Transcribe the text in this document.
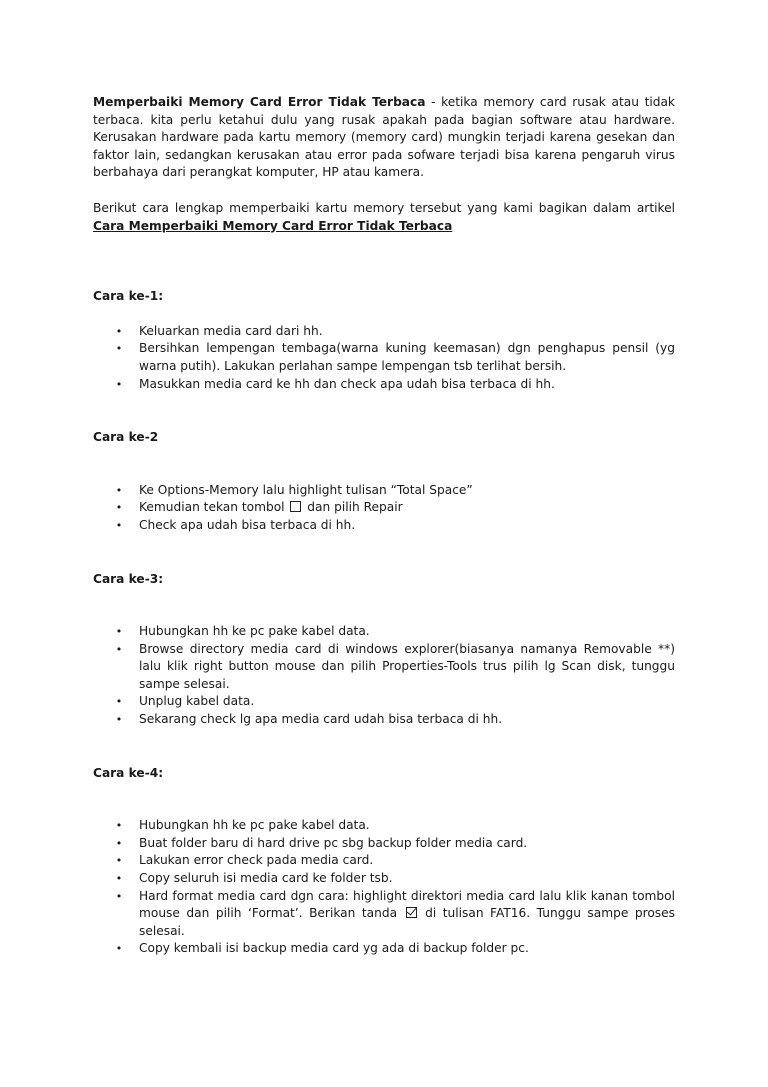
Memperbaiki Memory Card Error Tidak Terbaca - ketika memory card rusak atau tidak terbaca. kita perlu ketahui dulu yang rusak apakah pada bagian software atau hardware. Kerusakan hardware pada kartu memory (memory card) mungkin terjadi karena gesekan dan faktor lain, sedangkan kerusakan atau error pada sofware terjadi bisa karena pengaruh virus berbahaya dari perangkat komputer, HP atau kamera.

Berikut cara lengkap memperbaiki kartu memory tersebut yang kami bagikan dalam artikel Cara Memperbaiki Memory Card Error Tidak Terbaca

Cara ke-1:

• Keluarkan media card dari hh.
• Bersihkan lempengan tembaga(warna kuning keemasan) dgn penghapus pensil (yg warna putih). Lakukan perlahan sampe lempengan tsb terlihat bersih.
• Masukkan media card ke hh dan check apa udah bisa terbaca di hh.

Cara ke-2

• Ke Options-Memory lalu highlight tulisan “Total Space”
• Kemudian tekan tombol dan pilih Repair
• Check apa udah bisa terbaca di hh.

Cara ke-3:

• Hubungkan hh ke pc pake kabel data.
• Browse directory media card di windows explorer(biasanya namanya Removable **) lalu klik right button mouse dan pilih Properties-Tools trus pilih lg Scan disk, tunggu sampe selesai.
• Unplug kabel data.
• Sekarang check lg apa media card udah bisa terbaca di hh.

Cara ke-4:

• Hubungkan hh ke pc pake kabel data.
• Buat folder baru di hard drive pc sbg backup folder media card.
• Lakukan error check pada media card.
• Copy seluruh isi media card ke folder tsb.
• Hard format media card dgn cara: highlight direktori media card lalu klik kanan tombol mouse dan pilih ‘Format’. Berikan tanda di tulisan FAT16. Tunggu sampe proses selesai.
• Copy kembali isi backup media card yg ada di backup folder pc.
